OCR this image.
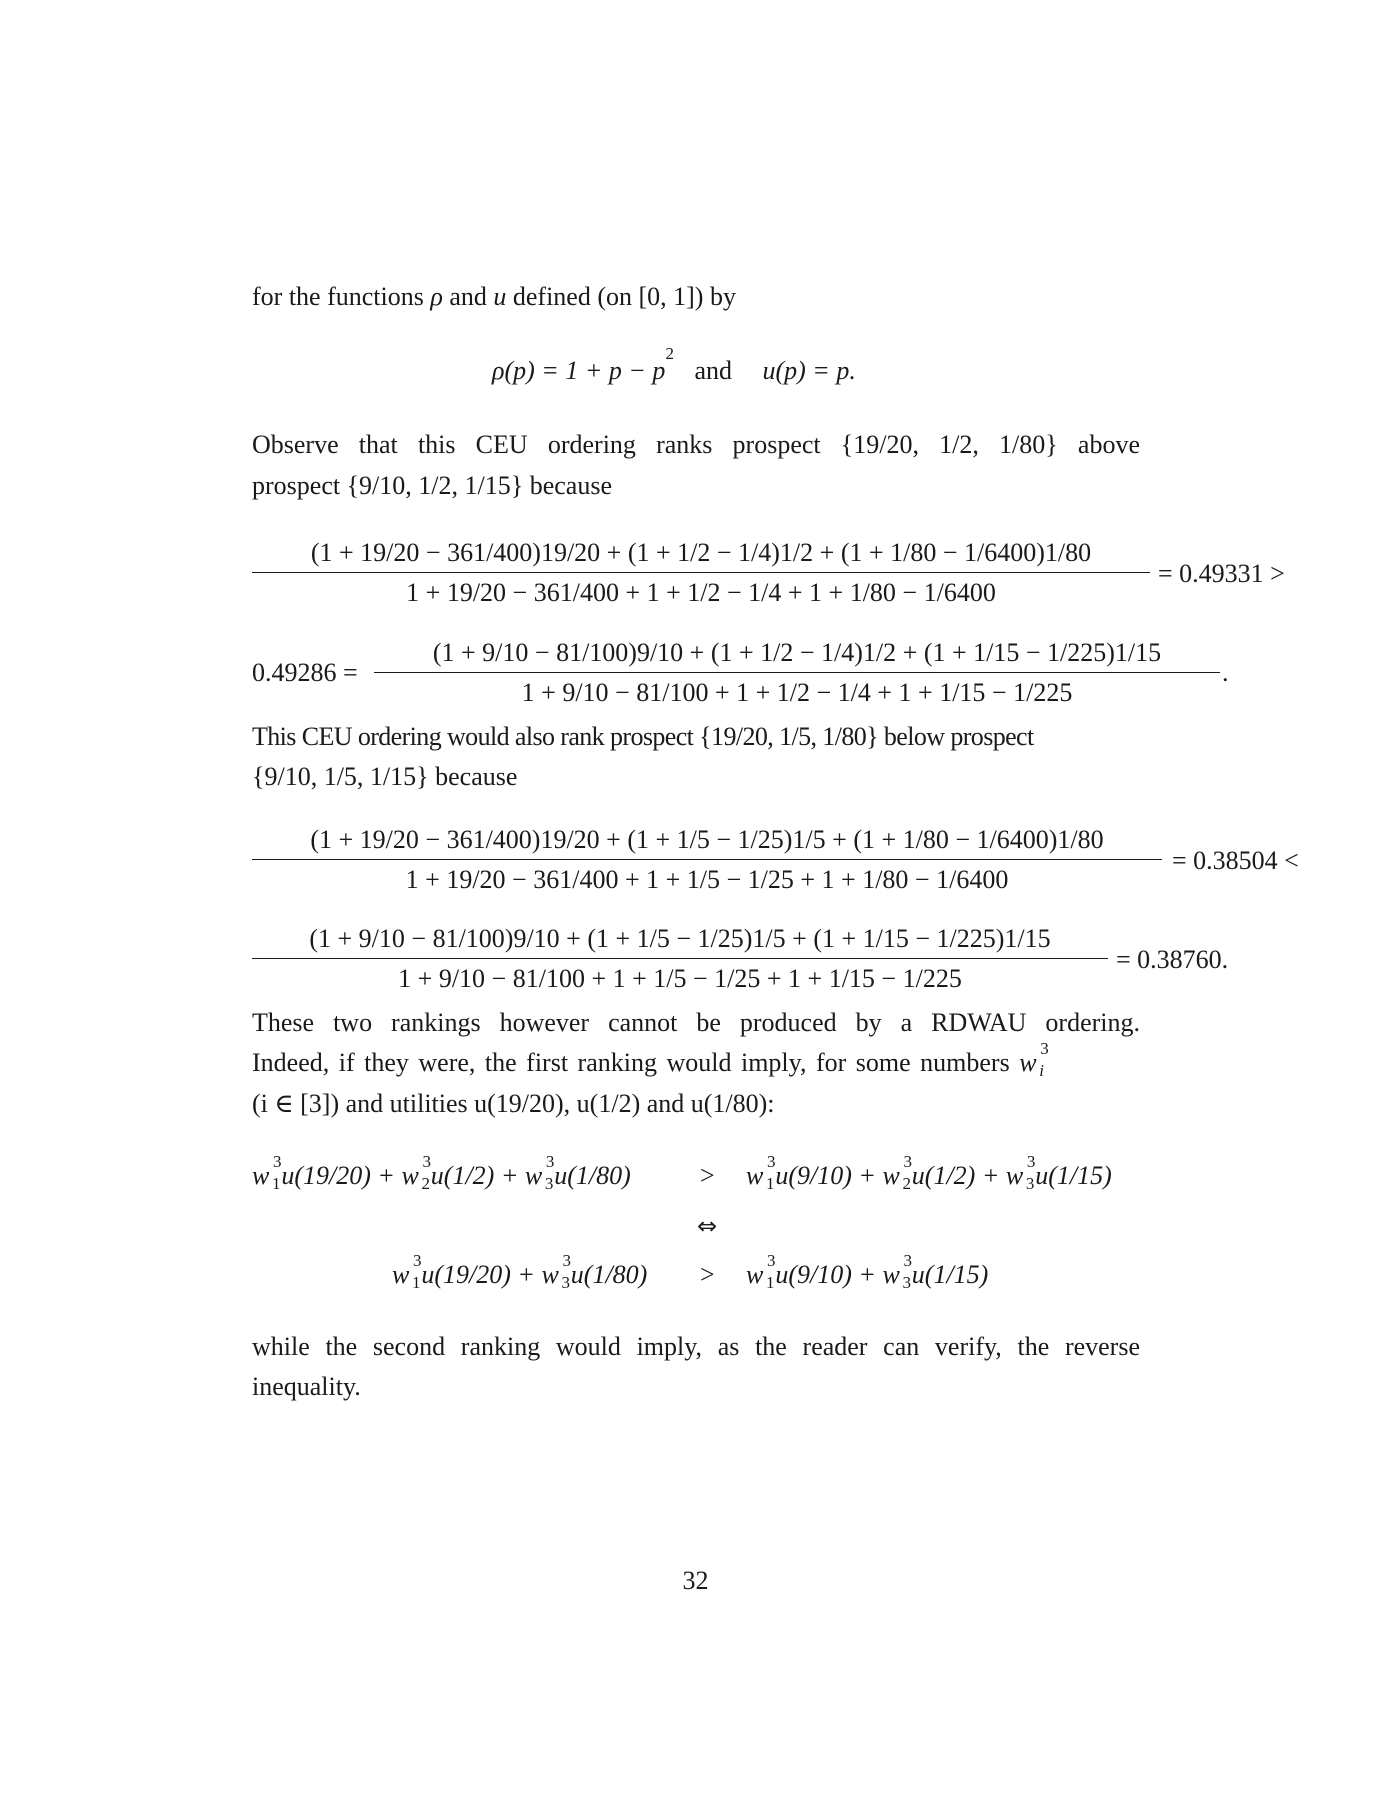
for the functions ρ and u defined (on [0, 1]) by
$\rho(p) = 1 + p - p^2$ and u(p) = p.
Observe that this CEU ordering ranks prospect {19/20, 1/2, 1/80} above
prospect {9/10, 1/2, 1/15} because
(1 + 19/20 − 361/400)19/20 + (1 + 1/2 − 1/4)1/2 + (1 + 1/80 − 1/6400)1/80
1 + 19/20 − 361/400 + 1 + 1/2 − 1/4 + 1 + 1/80 − 1/6400
= 0.49331 >
0.49286 =
(1 + 9/10 − 81/100)9/10 + (1 + 1/2 − 1/4)1/2 + (1 + 1/15 − 1/225)1/15
1 + 9/10 − 81/100 + 1 + 1/2 − 1/4 + 1 + 1/15 − 1/225
.
This CEU ordering would also rank prospect {19/20, 1/5, 1/80} below prospect
{9/10, 1/5, 1/15} because
(1 + 19/20 − 361/400)19/20 + (1 + 1/5 − 1/25)1/5 + (1 + 1/80 − 1/6400)1/80
1 + 19/20 − 361/400 + 1 + 1/5 − 1/25 + 1 + 1/80 − 1/6400
= 0.38504 <
(1 + 9/10 − 81/100)9/10 + (1 + 1/5 − 1/25)1/5 + (1 + 1/15 − 1/225)1/15
1 + 9/10 − 81/100 + 1 + 1/5 − 1/25 + 1 + 1/15 − 1/225
= 0.38760.
These two rankings however cannot be produced by a RDWAU ordering.
Indeed, if they were, the first ranking would imply, for some numbers w 3
i
(i ∈ [3]) and utilities u(19/20), u(1/2) and u(1/80):
w 3
1 u(19/20) + w 3
2 u(1/2) + w 3
3 u(1/80)	> w 3
1 u(9/10) + w 3
2 u(1/2) + w 3
3 u(1/15)
⇔
w 3
1 u(19/20) + w 3
3 u(1/80) > w 3
1 u(9/10) + w 3
3 u(1/15)
while the second ranking would imply, as the reader can verify, the reverse
inequality.
32
